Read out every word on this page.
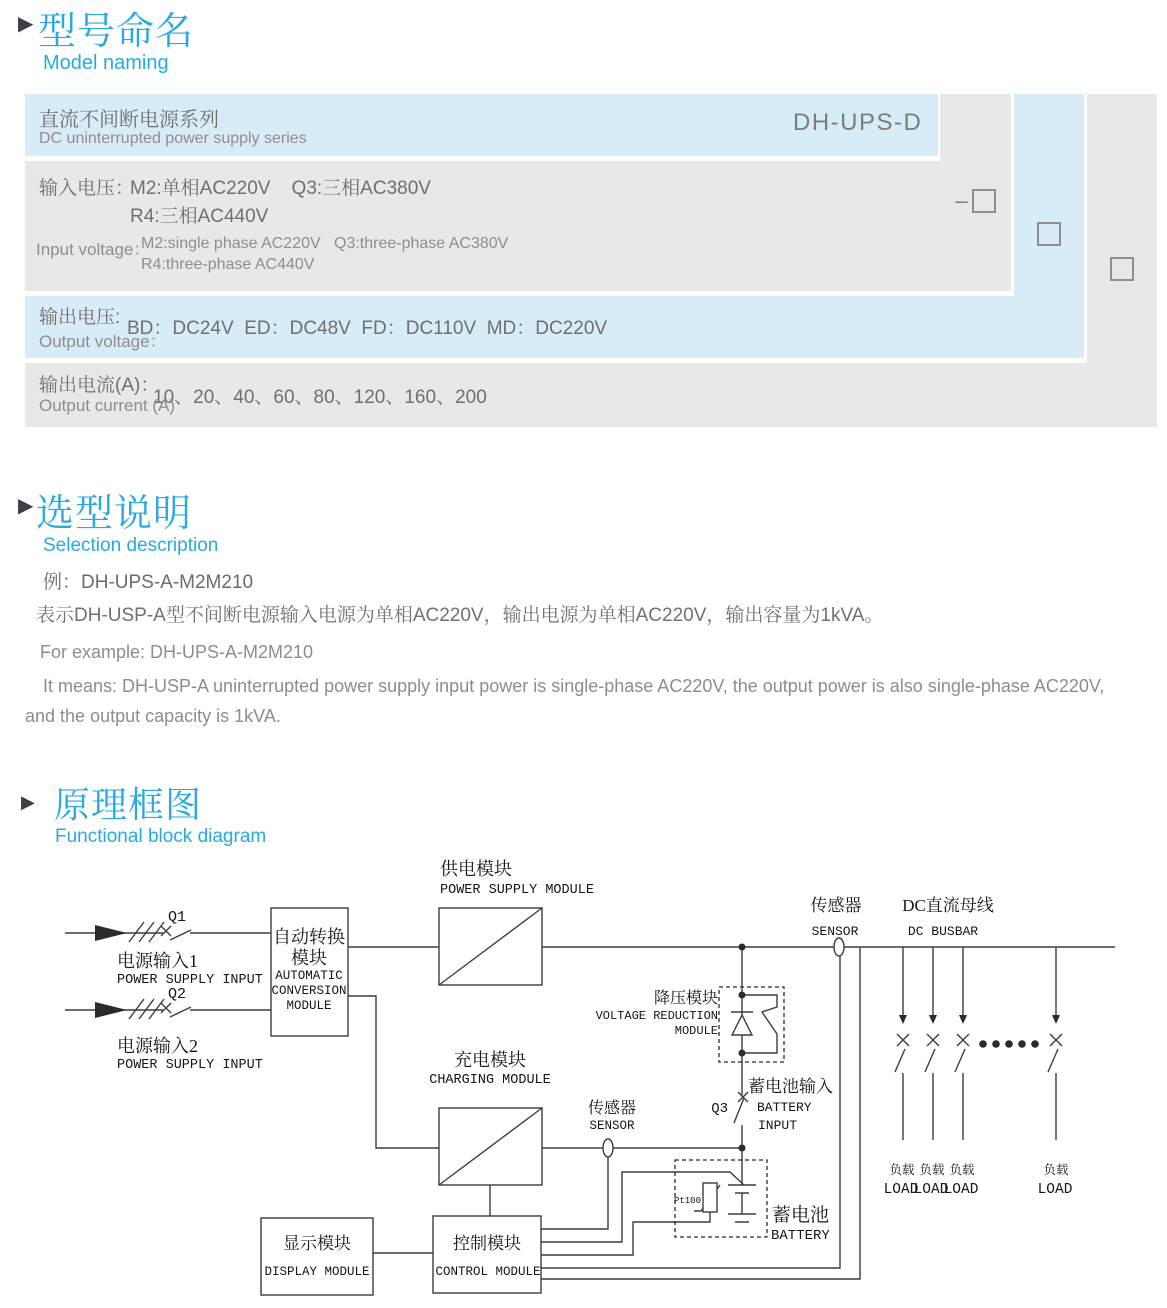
▶ 型号命名
Model naming
直流不间断电源系列
DC uninterrupted power supply series
DH-UPS-D
输入电压：
M2:单相AC220V    Q3:三相AC380V
R4:三相AC440V
Input voltage：
M2:single phase AC220V   Q3:three-phase AC380V
R4:three-phase AC440V
输出电压:
Output voltage：
BD：DC24V  ED：DC48V  FD：DC110V  MD：DC220V
输出电流(A)：
Output current (A)
10、20、40、60、80、120、160、200
–
▶ 选型说明
Selection description
例：DH-UPS-A-M2M210
表示DH-USP-A型不间断电源输入电源为单相AC220V，输出电源为单相AC220V，输出容量为1kVA。
For example: DH-UPS-A-M2M210
It means: DH-USP-A uninterrupted power supply input power is single-phase AC220V, the output power is also single-phase AC220V,
and the output capacity is 1kVA.
▶ 原理框图
Functional block diagram
Q1
Q2
电源输入1
POWER SUPPLY INPUT
电源输入2
POWER SUPPLY INPUT
自动转换
模块
AUTOMATIC
CONVERSION
MODULE
供电模块
POWER SUPPLY MODULE
充电模块
CHARGING MODULE
传感器
SENSOR
DC直流母线
DC BUSBAR
降压模块
VOLTAGE REDUCTION
MODULE
传感器
SENSOR
Q3
蓄电池输入
BATTERY
INPUT
Pt100
蓄电池
BATTERY
显示模块
DISPLAY MODULE
控制模块
CONTROL MODULE
负载
LOAD
负载
LOAD
负载
LOAD
负载
LOAD
